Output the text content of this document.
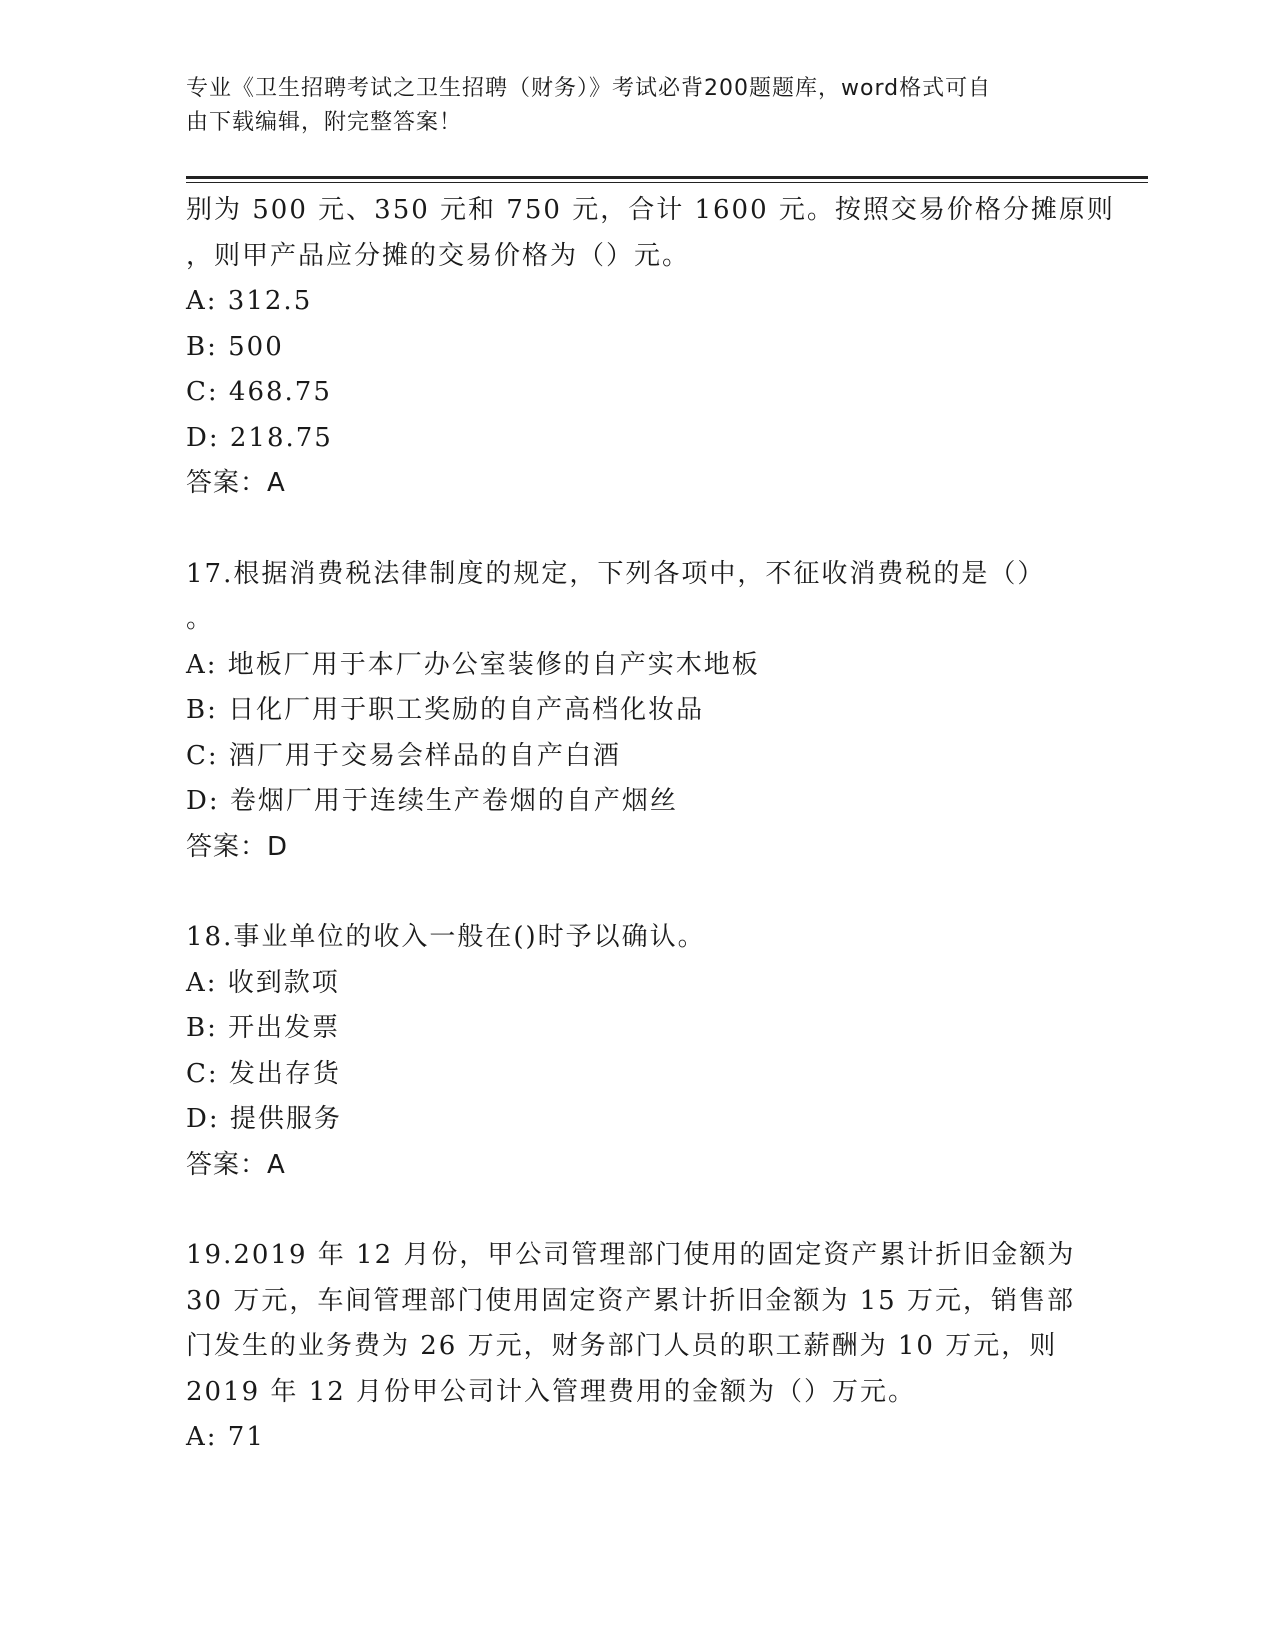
专业《卫生招聘考试之卫生招聘（财务）》考试必背200题题库，word格式可自
由下载编辑，附完整答案！
别为 500 元、350 元和 750 元，合计 1600 元。按照交易价格分摊原则
，则甲产品应分摊的交易价格为（）元。
A: 312.5
B: 500
C: 468.75
D: 218.75
答案：A
17.根据消费税法律制度的规定，下列各项中，不征收消费税的是（）
。
A: 地板厂用于本厂办公室装修的自产实木地板
B: 日化厂用于职工奖励的自产高档化妆品
C: 酒厂用于交易会样品的自产白酒
D: 卷烟厂用于连续生产卷烟的自产烟丝
答案：D
18.事业单位的收入一般在()时予以确认。
A: 收到款项
B: 开出发票
C: 发出存货
D: 提供服务
答案：A
19.2019 年 12 月份，甲公司管理部门使用的固定资产累计折旧金额为
30 万元，车间管理部门使用固定资产累计折旧金额为 15 万元，销售部
门发生的业务费为 26 万元，财务部门人员的职工薪酬为 10 万元，则
2019 年 12 月份甲公司计入管理费用的金额为（）万元。
A: 71
